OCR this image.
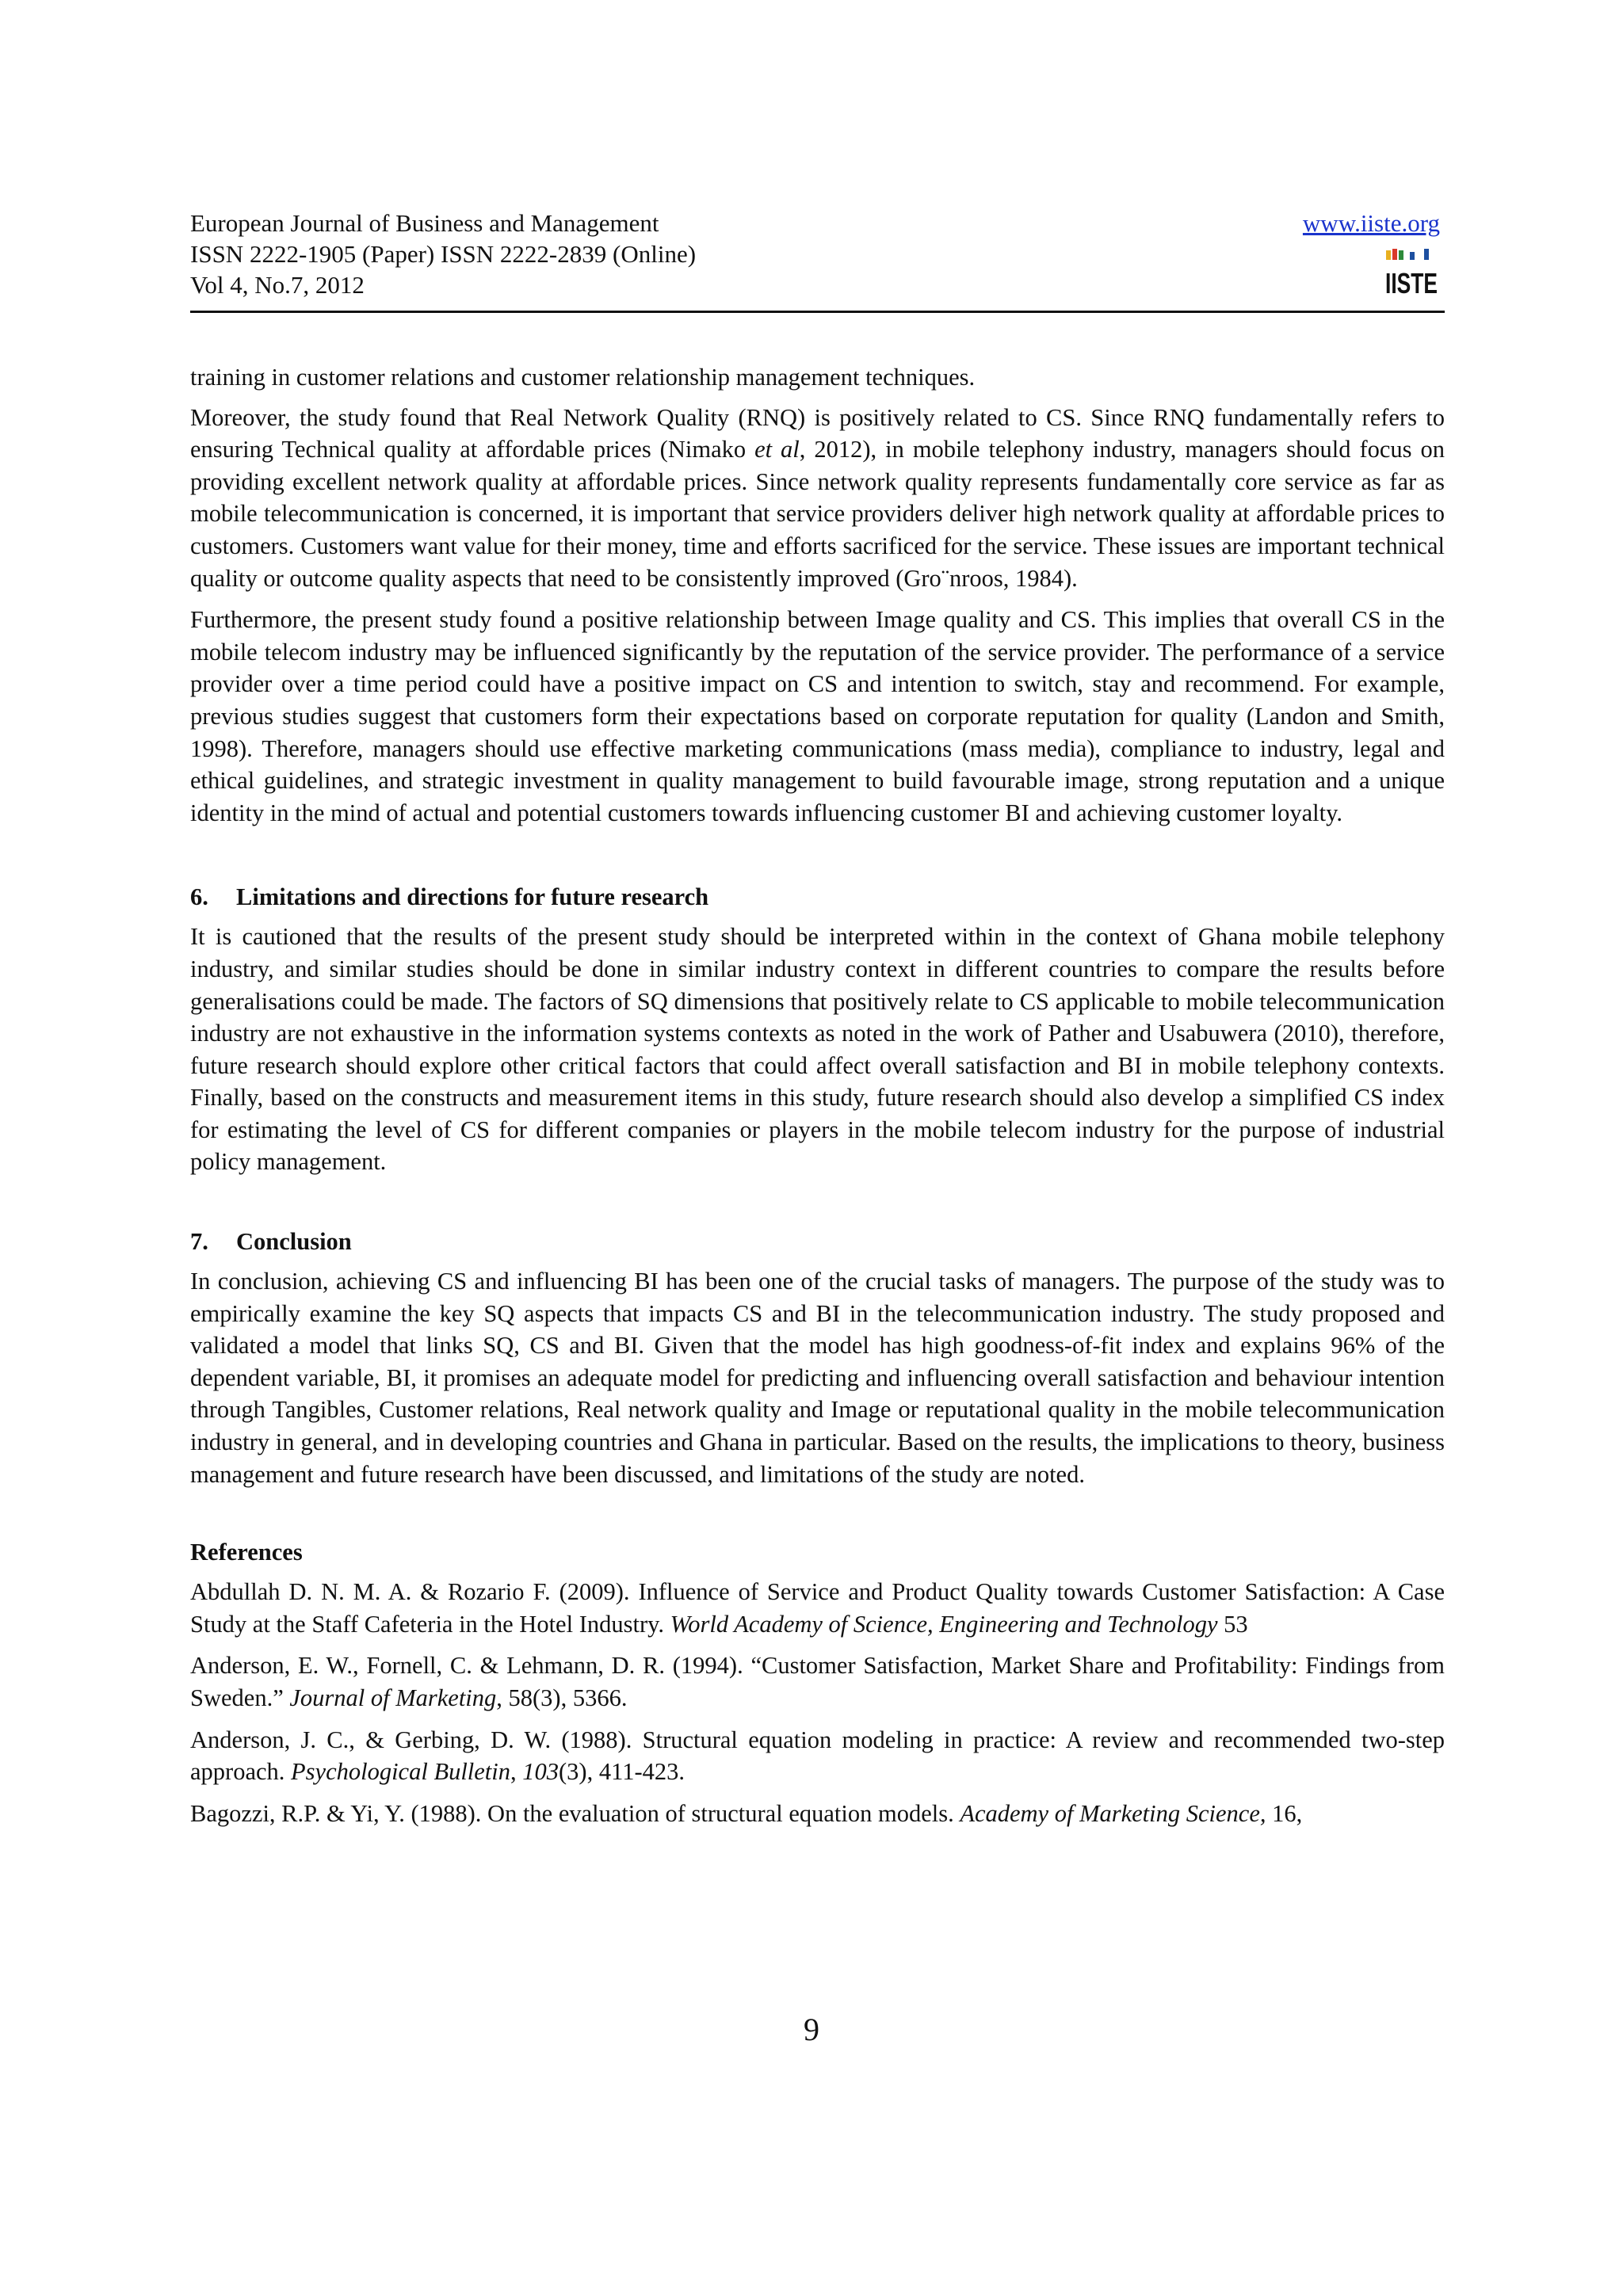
European Journal of Business and Management
ISSN 2222-1905 (Paper) ISSN 2222-2839 (Online)
Vol 4, No.7, 2012
www.iiste.org
IISTE

training in customer relations and customer relationship management techniques.

Moreover, the study found that Real Network Quality (RNQ) is positively related to CS. Since RNQ fundamentally refers to ensuring Technical quality at affordable prices (Nimako et al, 2012), in mobile telephony industry, managers should focus on providing excellent network quality at affordable prices. Since network quality represents fundamentally core service as far as mobile telecommunication is concerned, it is important that service providers deliver high network quality at affordable prices to customers. Customers want value for their money, time and efforts sacrificed for the service. These issues are important technical quality or outcome quality aspects that need to be consistently improved (Gro¨nroos, 1984).

Furthermore, the present study found a positive relationship between Image quality and CS. This implies that overall CS in the mobile telecom industry may be influenced significantly by the reputation of the service provider. The performance of a service provider over a time period could have a positive impact on CS and intention to switch, stay and recommend. For example, previous studies suggest that customers form their expectations based on corporate reputation for quality (Landon and Smith, 1998). Therefore, managers should use effective marketing communications (mass media), compliance to industry, legal and ethical guidelines, and strategic investment in quality management to build favourable image, strong reputation and a unique identity in the mind of actual and potential customers towards influencing customer BI and achieving customer loyalty.

6. Limitations and directions for future research

It is cautioned that the results of the present study should be interpreted within in the context of Ghana mobile telephony industry, and similar studies should be done in similar industry context in different countries to compare the results before generalisations could be made. The factors of SQ dimensions that positively relate to CS applicable to mobile telecommunication industry are not exhaustive in the information systems contexts as noted in the work of Pather and Usabuwera (2010), therefore, future research should explore other critical factors that could affect overall satisfaction and BI in mobile telephony contexts. Finally, based on the constructs and measurement items in this study, future research should also develop a simplified CS index for estimating the level of CS for different companies or players in the mobile telecom industry for the purpose of industrial policy management.

7. Conclusion

In conclusion, achieving CS and influencing BI has been one of the crucial tasks of managers. The purpose of the study was to empirically examine the key SQ aspects that impacts CS and BI in the telecommunication industry. The study proposed and validated a model that links SQ, CS and BI. Given that the model has high goodness-of-fit index and explains 96% of the dependent variable, BI, it promises an adequate model for predicting and influencing overall satisfaction and behaviour intention through Tangibles, Customer relations, Real network quality and Image or reputational quality in the mobile telecommunication industry in general, and in developing countries and Ghana in particular. Based on the results, the implications to theory, business management and future research have been discussed, and limitations of the study are noted.

References

Abdullah D. N. M. A. & Rozario F. (2009). Influence of Service and Product Quality towards Customer Satisfaction: A Case Study at the Staff Cafeteria in the Hotel Industry. World Academy of Science, Engineering and Technology 53

Anderson, E. W., Fornell, C. & Lehmann, D. R. (1994). “Customer Satisfaction, Market Share and Profitability: Findings from Sweden.” Journal of Marketing, 58(3), 5366.

Anderson, J. C., & Gerbing, D. W. (1988). Structural equation modeling in practice: A review and recommended two-step approach. Psychological Bulletin, 103(3), 411-423.

Bagozzi, R.P. & Yi, Y. (1988). On the evaluation of structural equation models. Academy of Marketing Science, 16,

9
